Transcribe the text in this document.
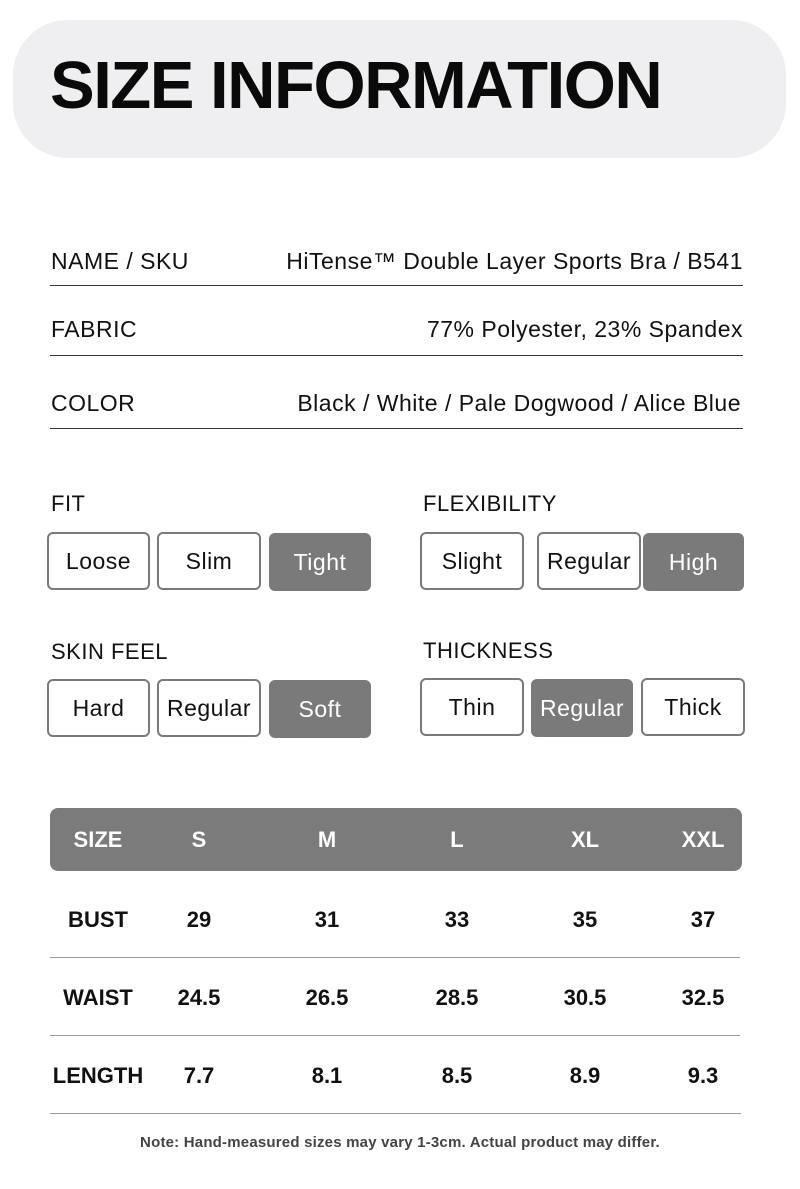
SIZE INFORMATION
NAME / SKU	HiTense™ Double Layer Sports Bra / B541
FABRIC	77% Polyester, 23% Spandex
COLOR	Black / White / Pale Dogwood / Alice Blue
FIT
Loose	Slim	Tight
FLEXIBILITY
Slight	Regular	High
SKIN FEEL
Hard	Regular	Soft
THICKNESS
Thin	Regular	Thick
SIZE	S	M	L	XL	XXL
BUST	29	31	33	35	37
WAIST 24.5	26.5	28.5	30.5	32.5
LENGTH 7.7	8.1	8.5	8.9	9.3
Note: Hand-measured sizes may vary 1-3cm. Actual product may differ.
